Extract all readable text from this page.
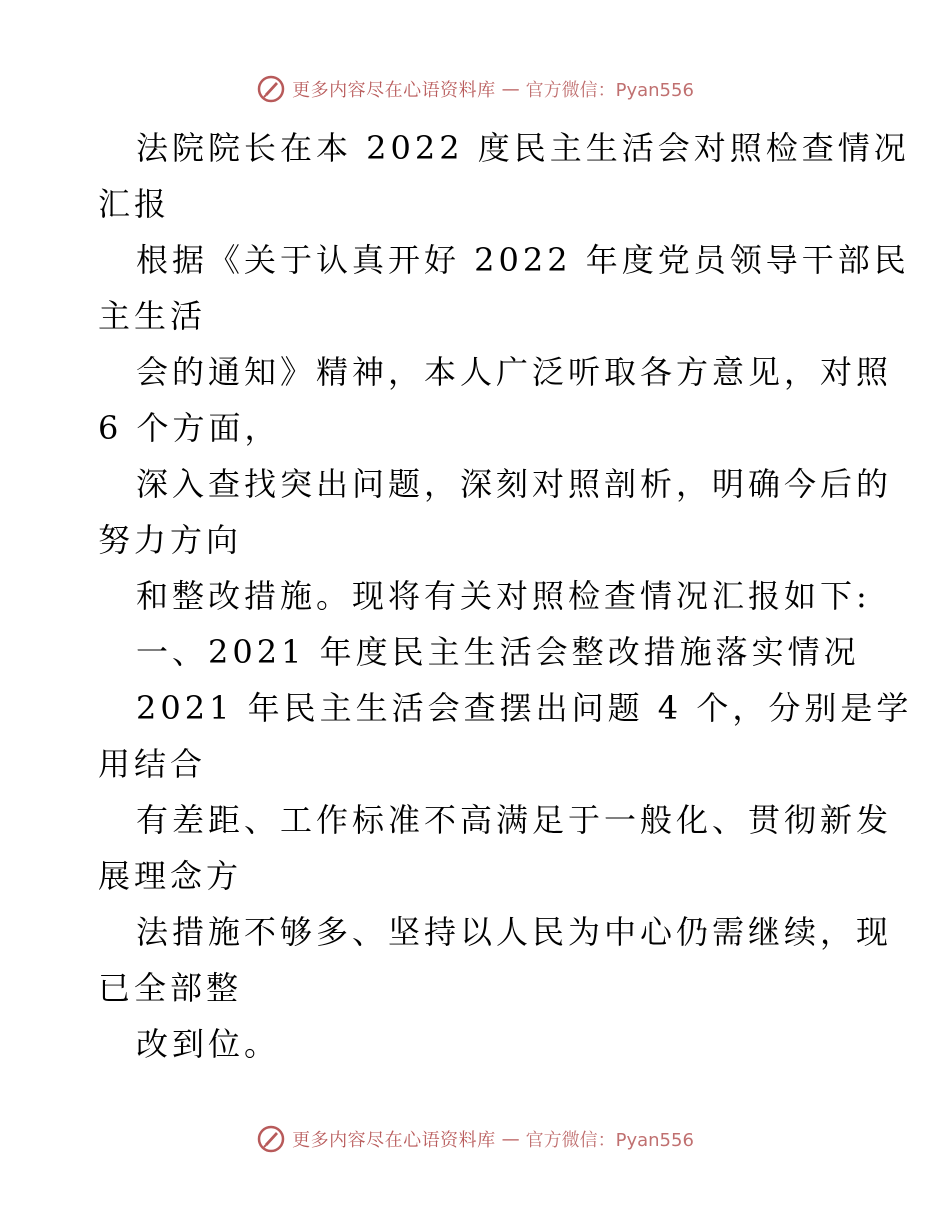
更多内容尽在心语资料库 — 官方微信：Pyan556
法院院长在本 2022 度民主生活会对照检查情况
汇报
根据《关于认真开好 2022 年度党员领导干部民
主生活
会的通知》精神，本人广泛听取各方意见，对照
6 个方面，
深入查找突出问题，深刻对照剖析，明确今后的
努力方向
和整改措施。现将有关对照检查情况汇报如下:
一、2021 年度民主生活会整改措施落实情况
2021 年民主生活会查摆出问题 4 个，分别是学
用结合
有差距、工作标准不高满足于一般化、贯彻新发
展理念方
法措施不够多、坚持以人民为中心仍需继续，现
已全部整
改到位。
更多内容尽在心语资料库 — 官方微信：Pyan556
